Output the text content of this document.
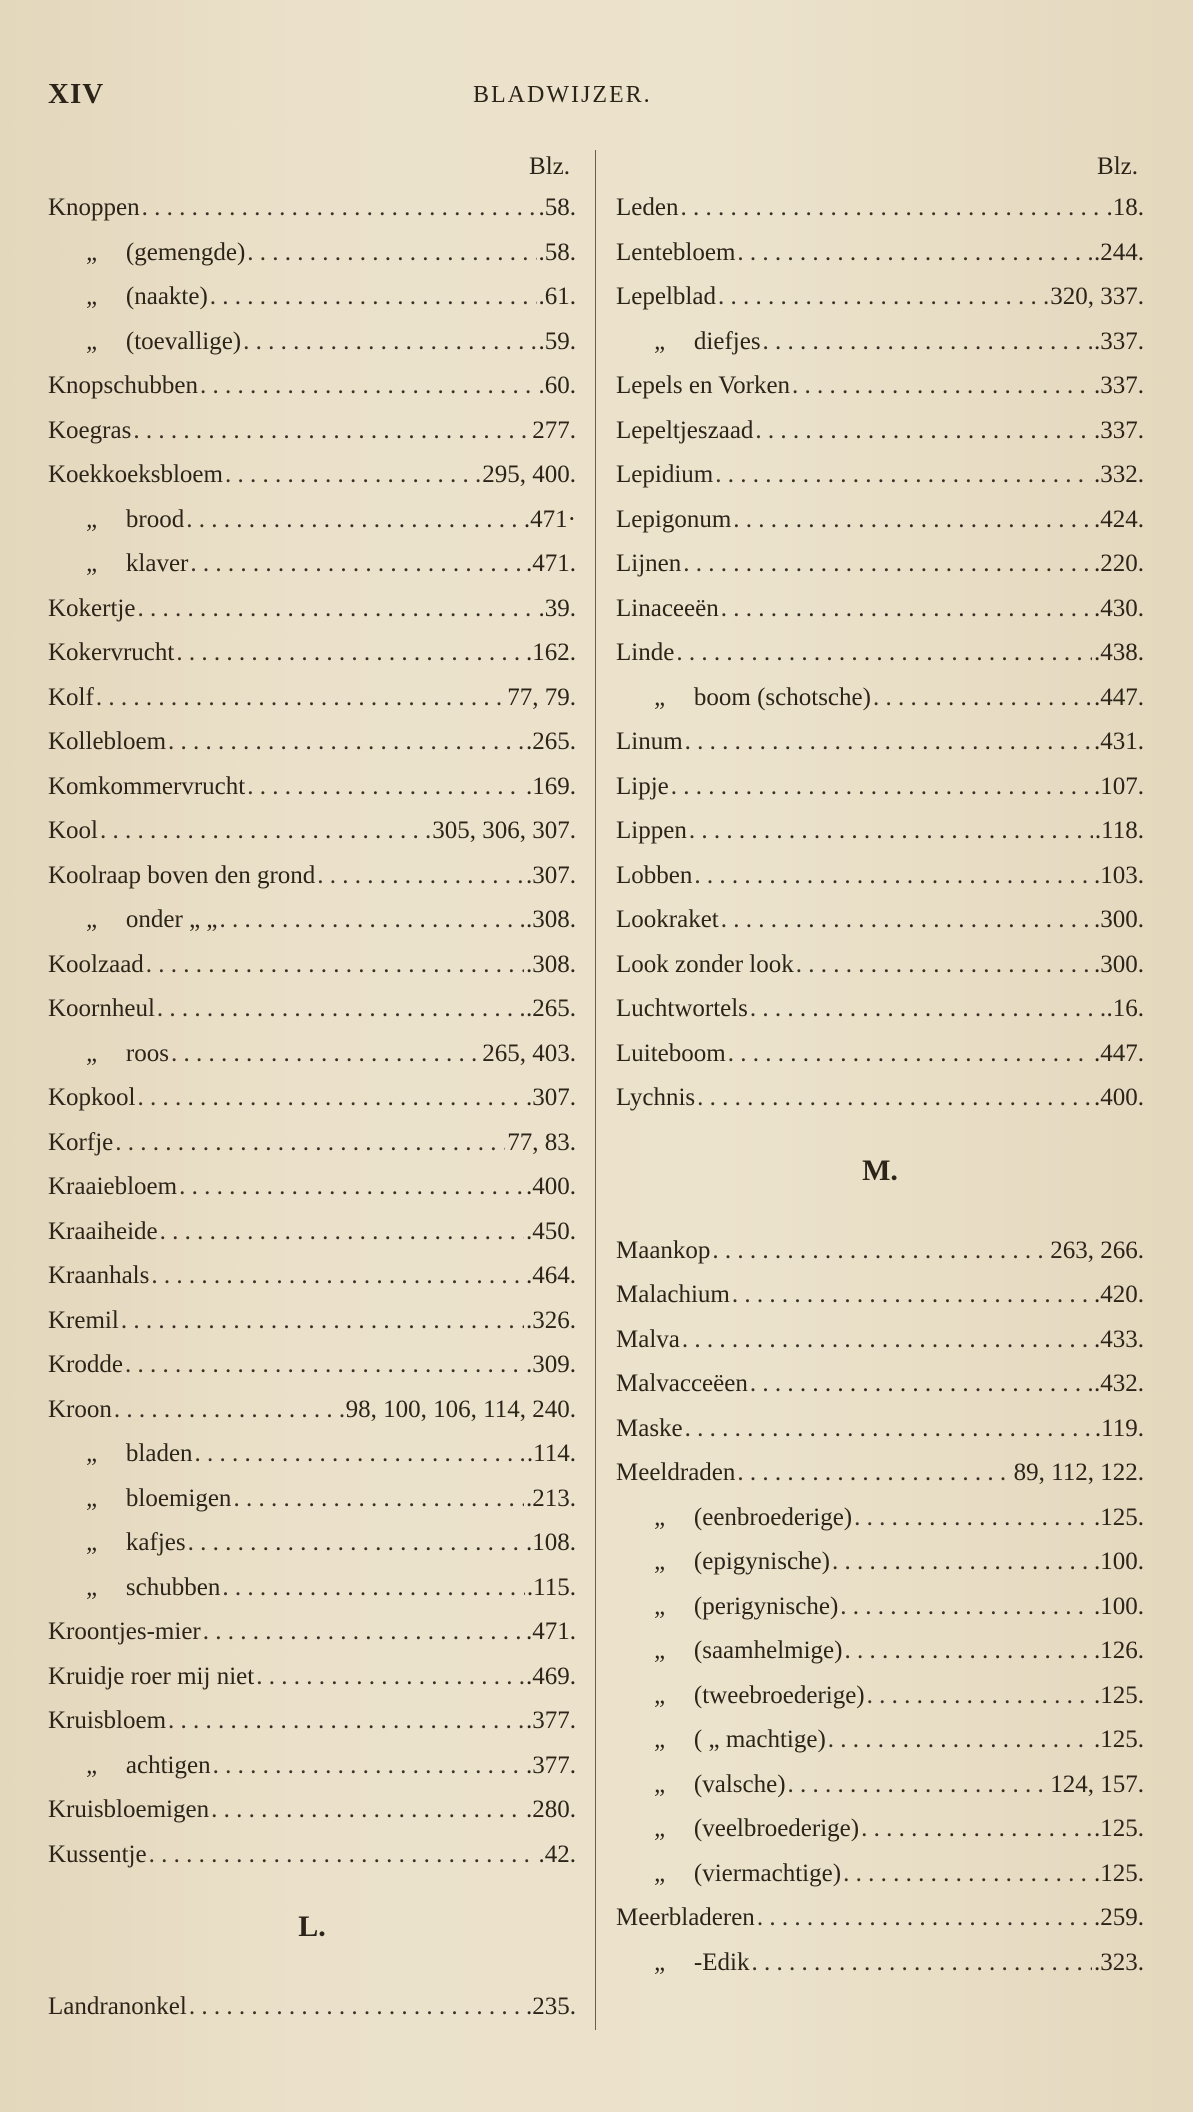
XIV	BLADWIJZER.
Blz.
Knoppen . . .	.58.
„ (gemengde) . . .	.58.
„ (naakte) . . .	.61.
„ (toevallige) . . .	.59.
Knopschubben . . .	.60.
Koegras . . .	277.
Koekkoeksbloem . . .	295, 400.
„ brood . . .	.471·
„ klaver . . .	.471.
Kokertje . . .	.39.
Kokervrucht . . .	.162.
Kolf . . .	77, 79.
Kollebloem . . .	.265.
Komkommervrucht . . .	.169.
Kool . . .	305, 306, 307.
Koolraap boven den grond . . .	.307.
„ onder „ „ . . .	.308.
Koolzaad . . .	.308.
Koornheul . . .	.265.
„ roos . . .	265, 403.
Kopkool . . .	.307.
Korfje . . .	77, 83.
Kraaiebloem . . .	.400.
Kraaiheide . . .	.450.
Kraanhals . . .	.464.
Kremil . . .	.326.
Krodde . . .	.309.
Kroon . . .	98, 100, 106, 114, 240.
„ bladen . . .	.114.
„ bloemigen . . .	.213.
„ kafjes . . .	.108.
„ schubben . . .	.115.
Kroontjes-mier . . .	.471.
Kruidje roer mij niet . . .	.469.
Kruisbloem . . .	.377.
„ achtigen . . .	.377.
Kruisbloemigen . . .	.280.
Kussentje . . .	.42.
L.
Landranonkel . . .	.235.
Blz.
Leden . . .	.18.
Lentebloem . . .	.244.
Lepelblad . . .	320, 337.
„ diefjes . . .	.337.
Lepels en Vorken . . .	.337.
Lepeltjeszaad . . .	.337.
Lepidium . . .	.332.
Lepigonum . . .	.424.
Lijnen . . .	.220.
Linaceeën . . .	.430.
Linde . . .	.438.
„ boom (schotsche) . . .	.447.
Linum . . .	.431.
Lipje . . .	.107.
Lippen . . .	.118.
Lobben . . .	.103.
Lookraket . . .	.300.
Look zonder look . . .	.300.
Luchtwortels . . .	.16.
Luiteboom . . .	.447.
Lychnis . . .	.400.
M.
Maankop . . .	263, 266.
Malachium . . .	.420.
Malva . . .	.433.
Malvacceëen . . .	.432.
Maske . . .	.119.
Meeldraden . . .	89, 112, 122.
„ (eenbroederige) . . .	.125.
„ (epigynische) . . .	.100.
„ (perigynische) . . .	.100.
„ (saamhelmige) . . .	.126.
„ (tweebroederige) . . .	.125.
„ ( „ machtige) . . .	.125.
„ (valsche) . . .	124, 157.
„ (veelbroederige) . . .	.125.
„ (viermachtige) . . .	.125.
Meerbladeren . . .	.259.
„ -Edik . . .	.323.
